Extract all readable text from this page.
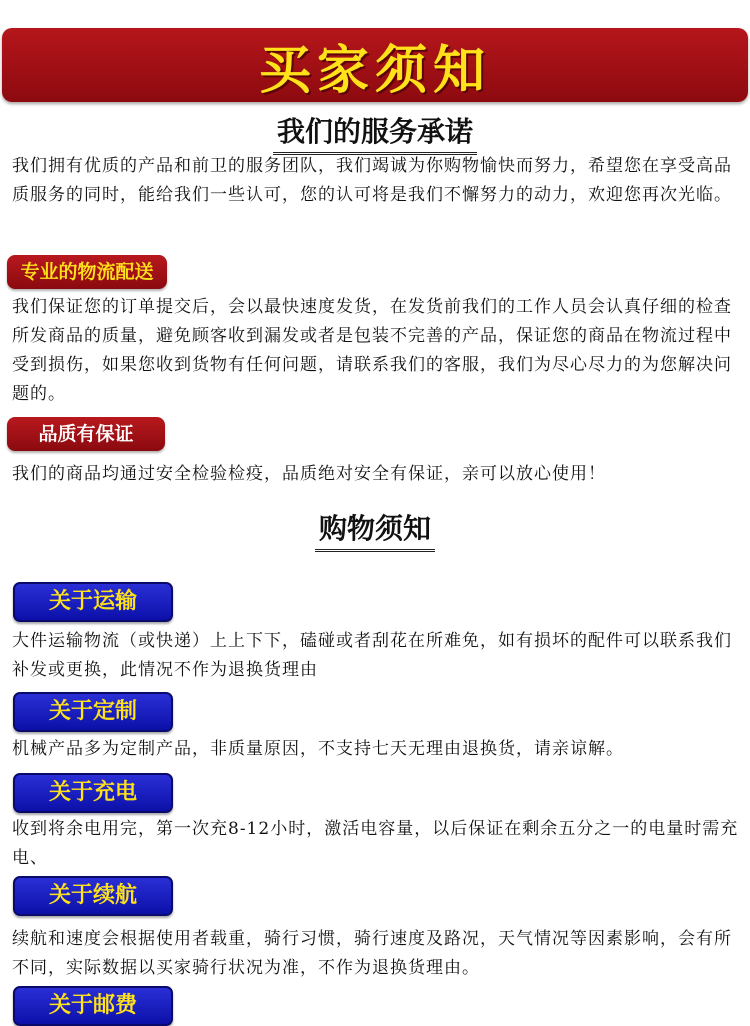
买家须知
我们的服务承诺
我们拥有优质的产品和前卫的服务团队，我们竭诚为你购物愉快而努力，希望您在享受高品质服务的同时，能给我们一些认可，您的认可将是我们不懈努力的动力，欢迎您再次光临。
专业的物流配送
我们保证您的订单提交后，会以最快速度发货，在发货前我们的工作人员会认真仔细的检查所发商品的质量，避免顾客收到漏发或者是包装不完善的产品，保证您的商品在物流过程中受到损伤，如果您收到货物有任何问题，请联系我们的客服，我们为尽心尽力的为您解决问题的。
品质有保证
我们的商品均通过安全检验检疫，品质绝对安全有保证，亲可以放心使用！
购物须知
关于运输
大件运输物流（或快递）上上下下，磕碰或者刮花在所难免，如有损坏的配件可以联系我们补发或更换，此情况不作为退换货理由
关于定制
机械产品多为定制产品，非质量原因，不支持七天无理由退换货，请亲谅解。
关于充电
收到将余电用完，第一次充8-12小时，激活电容量，以后保证在剩余五分之一的电量时需充电、
关于续航
续航和速度会根据使用者载重，骑行习惯，骑行速度及路况，天气情况等因素影响，会有所不同，实际数据以买家骑行状况为准，不作为退换货理由。
关于邮费
